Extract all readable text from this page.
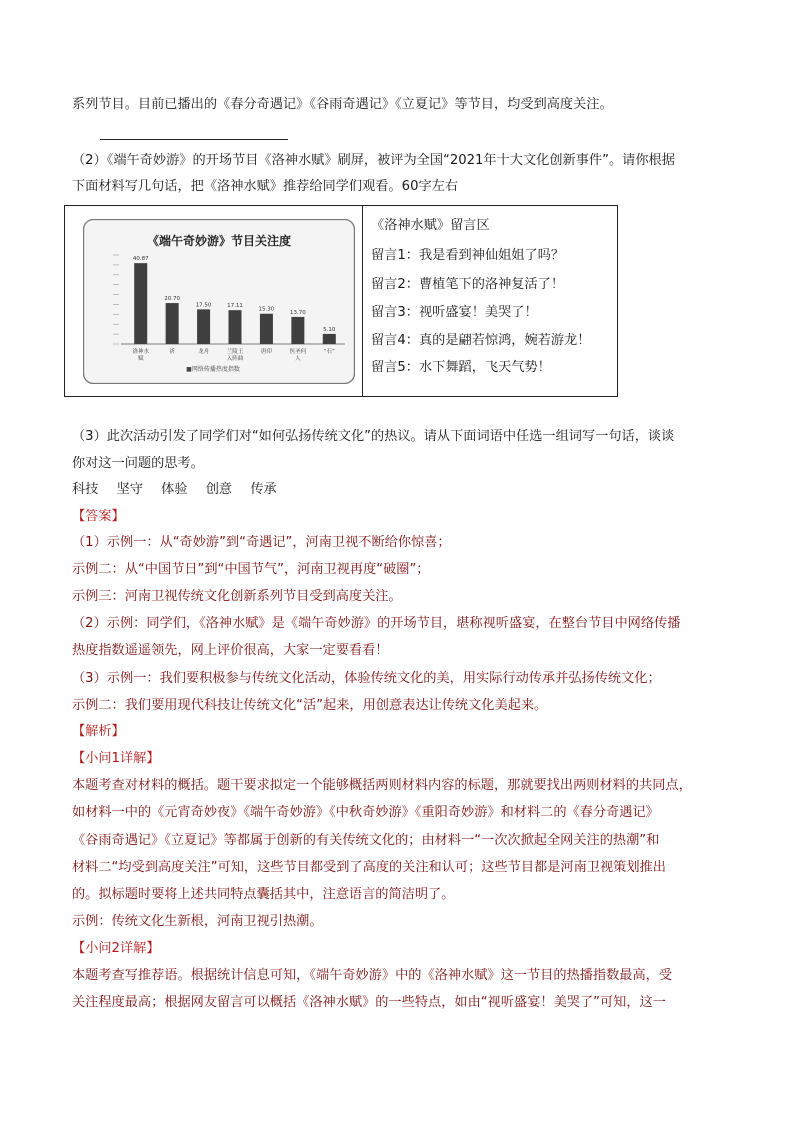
系列节目。目前已播出的《春分奇遇记》《谷雨奇遇记》《立夏记》等节目，均受到高度关注。
（2）《端午奇妙游》的开场节目《洛神水赋》刷屏，被评为全国“2021年十大文化创新事件”。请你根据
下面材料写几句话，把《洛神水赋》推荐给同学们观看。60字左右
《端午奇妙游》节目关注度
40.87
20.70
17.50	17.11
15.30
13.70
5.10
洛神水
赋
祈	龙舟	兰陵王
入阵曲
唐印	医圣何
人
“石”
■网络传播热度指数
《洛神水赋》留言区
留言1：我是看到神仙姐姐了吗？
留言2：曹植笔下的洛神复活了！
留言3：视听盛宴！美哭了！
留言4：真的是翩若惊鸿，婉若游龙！
留言5：水下舞蹈，飞天气势！
（3）此次活动引发了同学们对“如何弘扬传统文化”的热议。请从下面词语中任选一组词写一句话，谈谈
你对这一问题的思考。
科技 坚守 体验 创意 传承
【答案】
（1）示例一：从“奇妙游”到“奇遇记”，河南卫视不断给你惊喜；
示例二：从“中国节日”到“中国节气”，河南卫视再度“破圈”；
示例三：河南卫视传统文化创新系列节目受到高度关注。
（2）示例：同学们，《洛神水赋》是《端午奇妙游》的开场节目，堪称视听盛宴，在整台节目中网络传播
热度指数遥遥领先，网上评价很高，大家一定要看看！
（3）示例一：我们要积极参与传统文化活动，体验传统文化的美，用实际行动传承并弘扬传统文化；
示例二：我们要用现代科技让传统文化“活”起来，用创意表达让传统文化美起来。
【解析】
【小问1详解】
本题考查对材料的概括。题干要求拟定一个能够概括两则材料内容的标题，那就要找出两则材料的共同点，
如材料一中的《元宵奇妙夜》《端午奇妙游》《中秋奇妙游》《重阳奇妙游》和材料二的《春分奇遇记》
《谷雨奇遇记》《立夏记》等都属于创新的有关传统文化的；由材料一“一次次掀起全网关注的热潮”和
材料二“均受到高度关注”可知，这些节目都受到了高度的关注和认可；这些节目都是河南卫视策划推出
的。拟标题时要将上述共同特点囊括其中，注意语言的简洁明了。
示例：传统文化生新根，河南卫视引热潮。
【小问2详解】
本题考查写推荐语。根据统计信息可知，《端午奇妙游》中的《洛神水赋》这一节目的热播指数最高，受
关注程度最高；根据网友留言可以概括《洛神水赋》的一些特点，如由“视听盛宴！美哭了”可知，这一
